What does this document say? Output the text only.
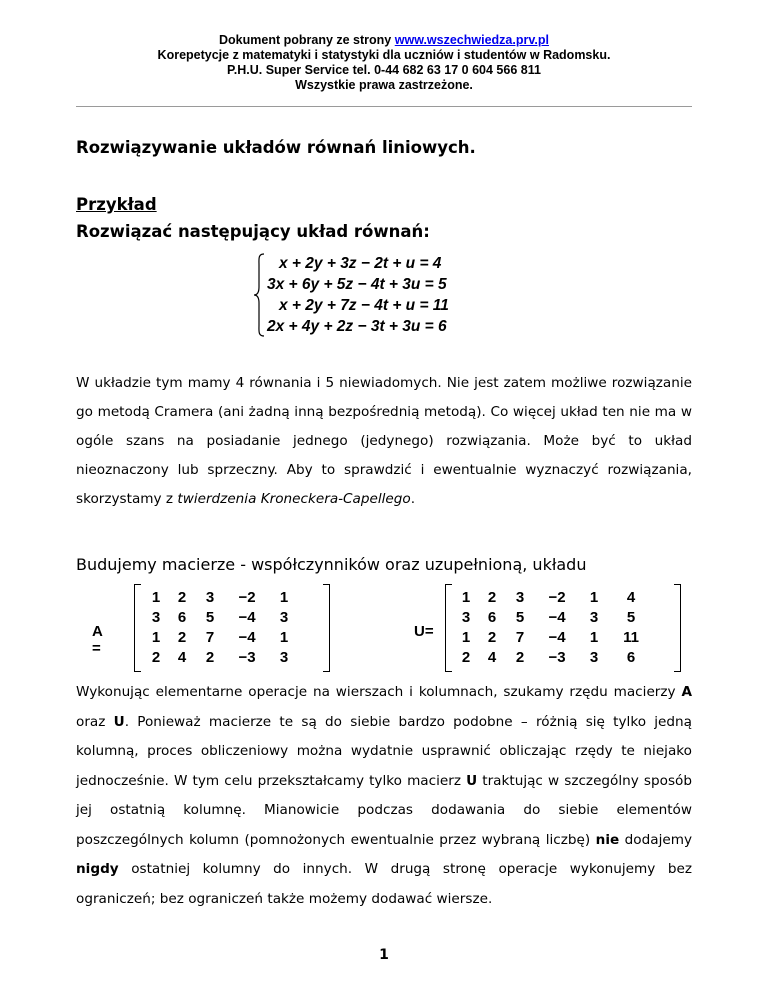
Dokument pobrany ze strony www.wszechwiedza.prv.pl
Korepetycje z matematyki i statystyki dla uczniów i studentów w Radomsku.
P.H.U. Super Service tel. 0-44 682 63 17 0 604 566 811
Wszystkie prawa zastrzeżone.
Rozwiązywanie układów równań liniowych.
Przykład
Rozwiązać następujący układ równań:
x + 2y + 3z − 2t + u = 4
3x + 6y + 5z − 4t + 3u = 5
x + 2y + 7z − 4t + u = 11
2x + 4y + 2z − 3t + 3u = 6
W układzie tym mamy 4 równania i 5 niewiadomych. Nie jest zatem możliwe rozwiązanie go metodą Cramera (ani żadną inną bezpośrednią metodą). Co więcej układ ten nie ma w ogóle szans na posiadanie jednego (jedynego) rozwiązania. Może być to układ nieoznaczony lub sprzeczny. Aby to sprawdzić i ewentualnie wyznaczyć rozwiązania, skorzystamy z twierdzenia Kroneckera-Capellego.
Budujemy macierze - współczynników oraz uzupełnioną, układu
A =
1	2	3	−2	1
3	6	5	−4	3
1	2	7	−4	1
2	4	2	−3	3
U=
1	2	3	−2	1	4
3	6	5	−4	3	5
1	2	7	−4	1	11
2	4	2	−3	3	6
Wykonując elementarne operacje na wierszach i kolumnach, szukamy rzędu macierzy A oraz U. Ponieważ macierze te są do siebie bardzo podobne – różnią się tylko jedną kolumną, proces obliczeniowy można wydatnie usprawnić obliczając rzędy te niejako jednocześnie. W tym celu przekształcamy tylko macierz U traktując w szczególny sposób jej ostatnią kolumnę. Mianowicie podczas dodawania do siebie elementów poszczególnych kolumn (pomnożonych ewentualnie przez wybraną liczbę) nie dodajemy nigdy ostatniej kolumny do innych. W drugą stronę operacje wykonujemy bez ograniczeń; bez ograniczeń także możemy dodawać wiersze.
1
